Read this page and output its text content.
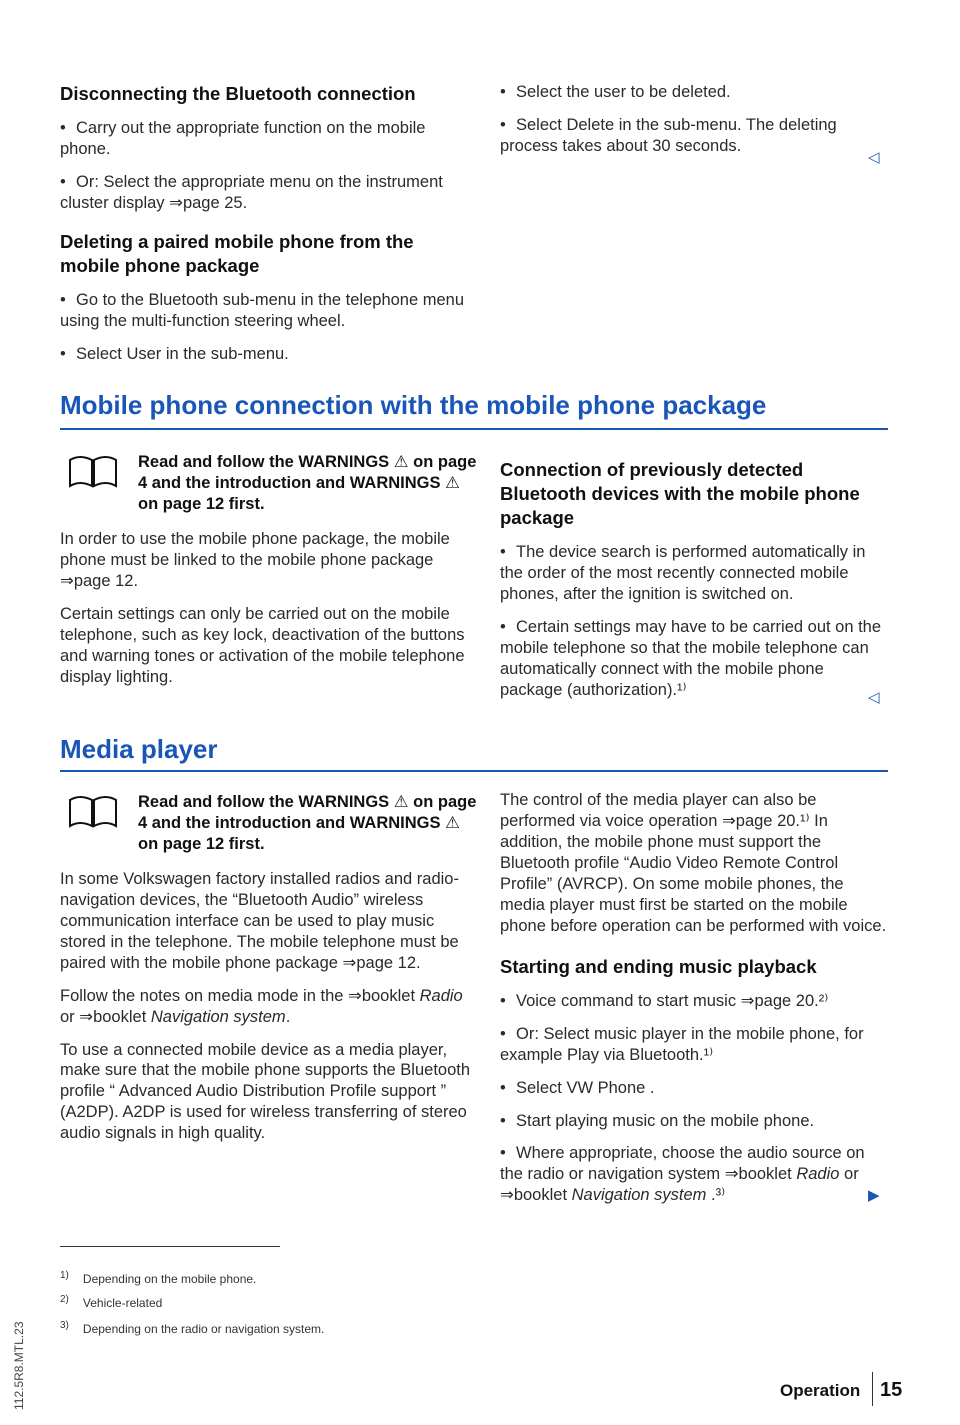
Disconnecting the Bluetooth connection
• Carry out the appropriate function on the mobile phone.
• Or: Select the appropriate menu on the instrument cluster display ⇒page 25.
Deleting a paired mobile phone from the mobile phone package
• Go to the Bluetooth sub-menu in the telephone menu using the multi-function steering wheel.
• Select User in the sub-menu.
• Select the user to be deleted.
• Select Delete in the sub-menu. The deleting process takes about 30 seconds.
◁
Mobile phone connection with the mobile phone package
Read and follow the WARNINGS ⚠ on page 4 and the introduction and WARNINGS ⚠ on page 12 first.

In order to use the mobile phone package, the mobile phone must be linked to the mobile phone package ⇒page 12.

Certain settings can only be carried out on the mobile telephone, such as key lock, deactivation of the buttons and warning tones or activation of the mobile telephone display lighting.

Connection of previously detected Bluetooth devices with the mobile phone package
• The device search is performed automatically in the order of the most recently connected mobile phones, after the ignition is switched on.
• Certain settings may have to be carried out on the mobile telephone so that the mobile telephone can automatically connect with the mobile phone package (authorization).¹⁾	◁
Media player
Read and follow the WARNINGS ⚠ on page 4 and the introduction and WARNINGS ⚠ on page 12 first.

In some Volkswagen factory installed radios and radio-navigation devices, the “Bluetooth Audio” wireless communication interface can be used to play music stored in the telephone. The mobile telephone must be paired with the mobile phone package ⇒page 12.

Follow the notes on media mode in the ⇒booklet Radio or ⇒booklet Navigation system.

To use a connected mobile device as a media player, make sure that the mobile phone supports the Bluetooth profile “ Advanced Audio Distribution Profile support ” (A2DP). A2DP is used for wireless transferring of stereo audio signals in high quality.

The control of the media player can also be performed via voice operation ⇒page 20.¹⁾ In addition, the mobile phone must support the Bluetooth profile “Audio Video Remote Control Profile” (AVRCP). On some mobile phones, the media player must first be started on the mobile phone before operation can be performed with voice.

Starting and ending music playback
• Voice command to start music ⇒page 20.²⁾
• Or: Select music player in the mobile phone, for example Play via Bluetooth.¹⁾
• Select VW Phone .
• Start playing music on the mobile phone.
• Where appropriate, choose the audio source on the radio or navigation system ⇒booklet Radio or ⇒booklet Navigation system .³⁾	▶
$^{1)}$ Depending on the mobile phone.
$^{2)}$ Vehicle-related
$^{3)}$ Depending on the radio or navigation system.
112.5R8.MTL.23	Operation 15
